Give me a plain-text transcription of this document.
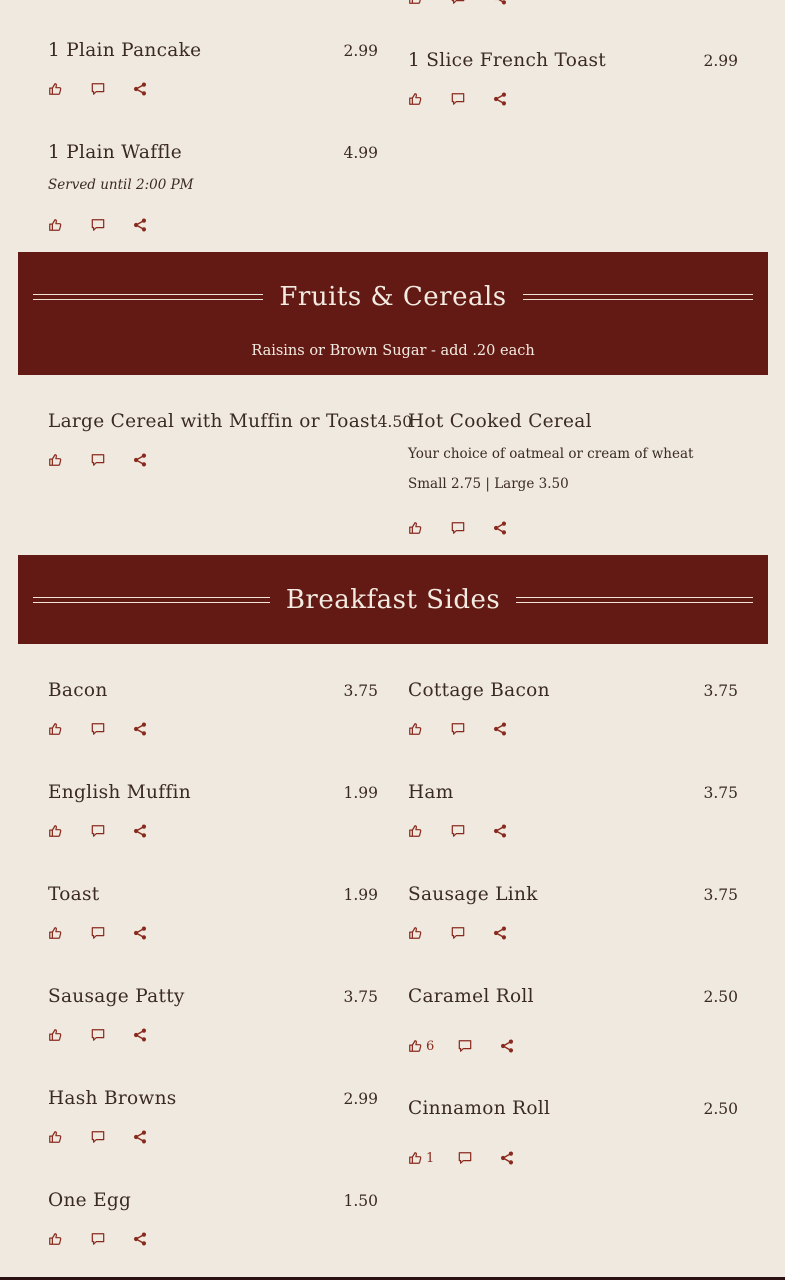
1 Plain Pancake	2.99 1 Slice French Toast	2.99
1 Plain Waffle	4.99
Served until 2:00 PM
Fruits & Cereals
Raisins or Brown Sugar - add .20 each
Large Cereal with Muffin or Toast 4.50
Hot Cooked Cereal
Your choice of oatmeal or cream of wheat
Small 2.75 | Large 3.50
Breakfast Sides
Bacon	3.75 Cottage Bacon	3.75
English Muffin	1.99 Ham	3.75
Toast	1.99 Sausage Link	3.75
Sausage Patty	3.75 Caramel Roll	2.50
6
Hash Browns	2.99 Cinnamon Roll	2.50
1
One Egg	1.50
